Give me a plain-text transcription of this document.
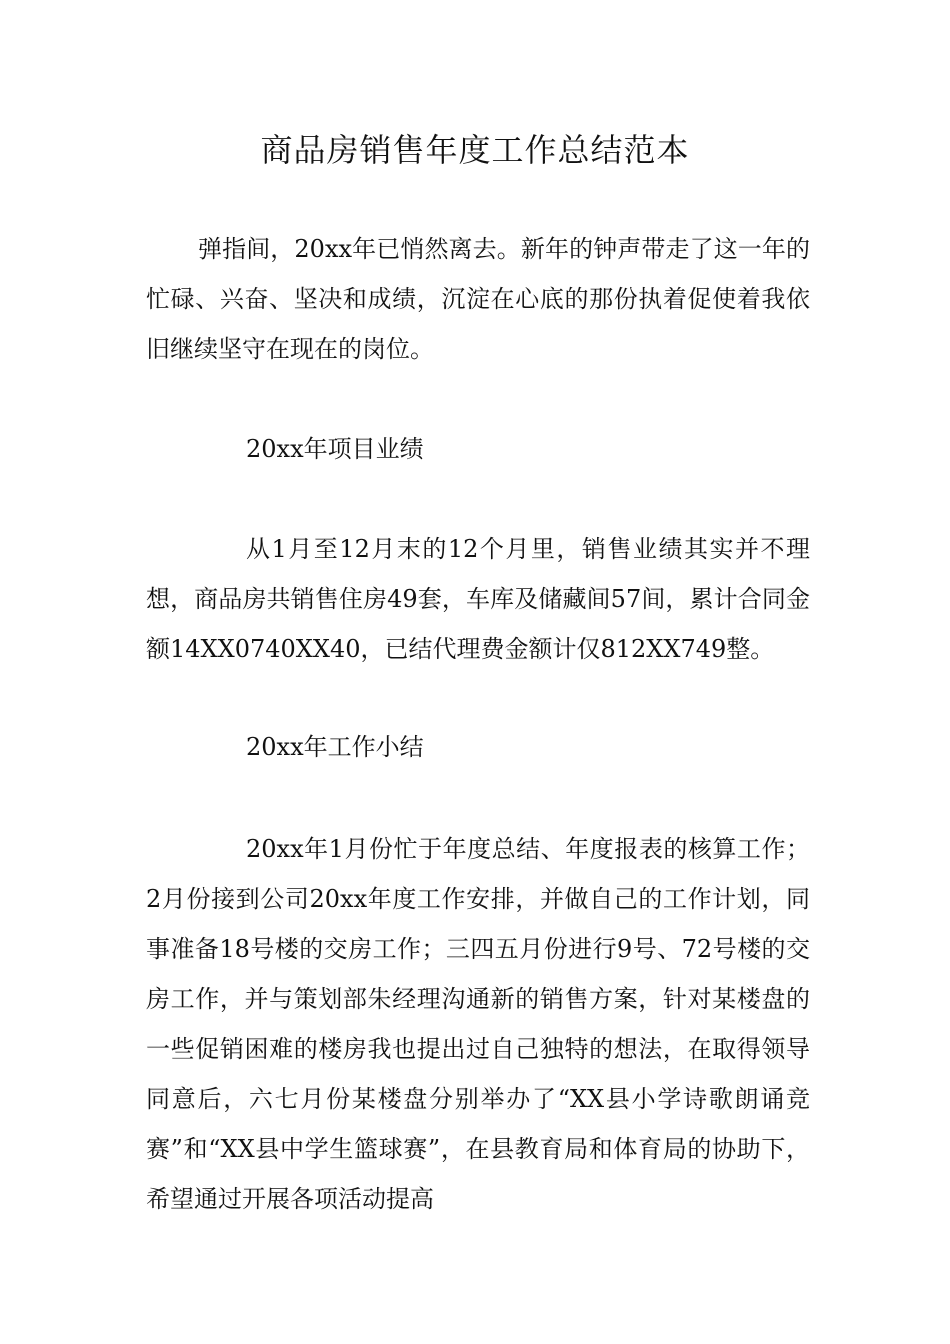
商品房销售年度工作总结范本

弹指间，20xx年已悄然离去。新年的钟声带走了这一年的忙碌、兴奋、坚决和成绩，沉淀在心底的那份执着促使着我依旧继续坚守在现在的岗位。

20xx年项目业绩

从1月至12月末的12个月里，销售业绩其实并不理想，商品房共销售住房49套，车库及储藏间57间，累计合同金额14XX0740XX40，已结代理费金额计仅812XX749整。

20xx年工作小结

20xx年1月份忙于年度总结、年度报表的核算工作；2月份接到公司20xx年度工作安排，并做自己的工作计划，同事准备18号楼的交房工作；三四五月份进行9号、72号楼的交房工作，并与策划部朱经理沟通新的销售方案，针对某楼盘的一些促销困难的楼房我也提出过自己独特的想法，在取得领导同意后，六七月份某楼盘分别举办了“XX县小学诗歌朗诵竞赛”和“XX县中学生篮球赛”，在县教育局和体育局的协助下，希望通过开展各项活动提高
